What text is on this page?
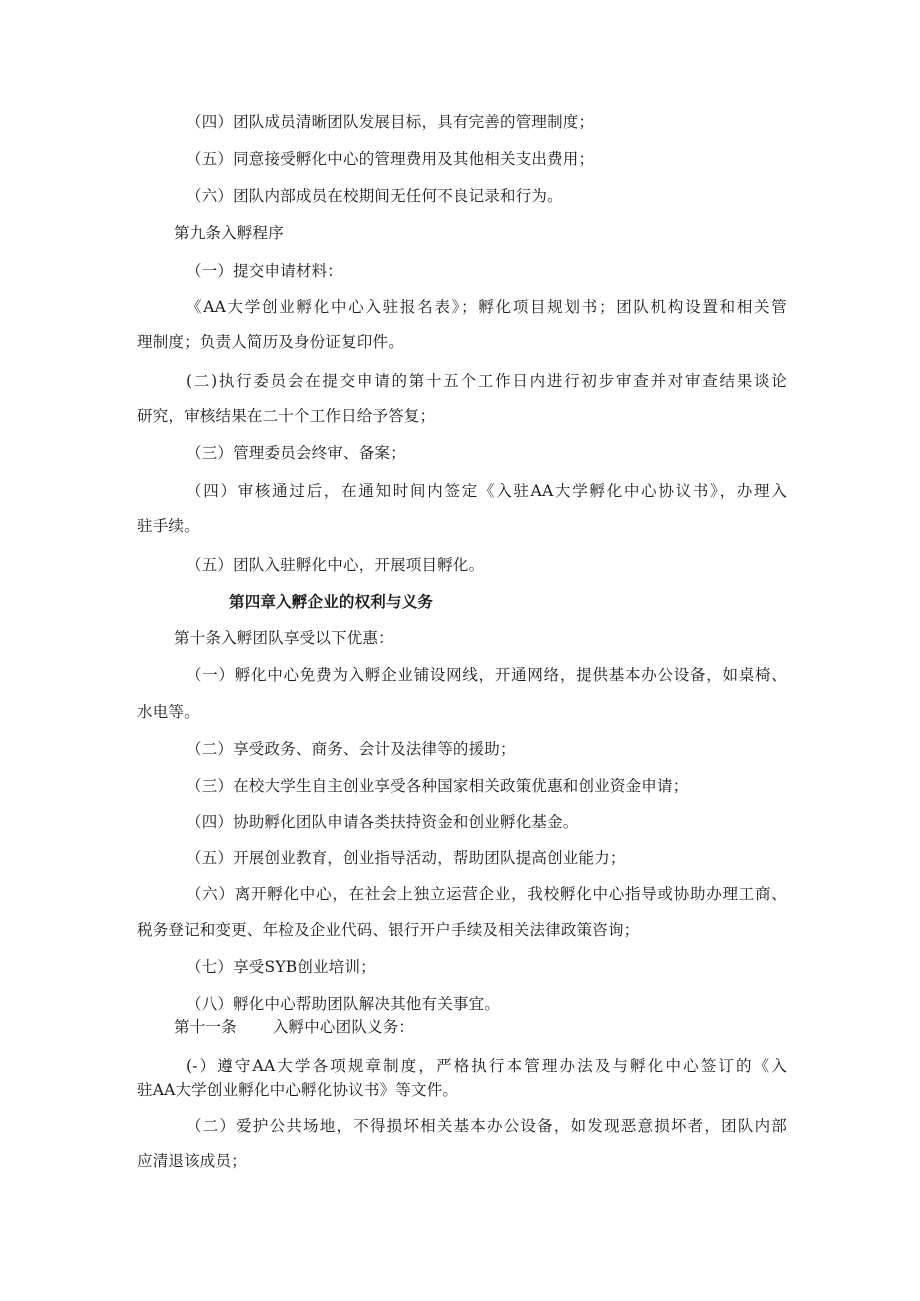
（四）团队成员清晰团队发展目标，具有完善的管理制度；
（五）同意接受孵化中心的管理费用及其他相关支出费用；
（六）团队内部成员在校期间无任何不良记录和行为。
第九条入孵程序
（一）提交申请材料：
《AA大学创业孵化中心入驻报名表》；孵化项目规划书；团队机构设置和相关管
理制度；负责人简历及身份证复印件。
(二)执行委员会在提交申请的第十五个工作日内进行初步审查并对审查结果谈论
研究，审核结果在二十个工作日给予答复；
（三）管理委员会终审、备案；
（四）审核通过后，在通知时间内签定《入驻AA大学孵化中心协议书》，办理入
驻手续。
（五）团队入驻孵化中心，开展项目孵化。
第四章入孵企业的权利与义务
第十条入孵团队享受以下优惠：
（一）孵化中心免费为入孵企业铺设网线，开通网络，提供基本办公设备，如桌椅、
水电等。
（二）享受政务、商务、会计及法律等的援助；
（三）在校大学生自主创业享受各种国家相关政策优惠和创业资金申请；
（四）协助孵化团队申请各类扶持资金和创业孵化基金。
（五）开展创业教育，创业指导活动，帮助团队提高创业能力；
（六）离开孵化中心，在社会上独立运营企业，我校孵化中心指导或协助办理工商、
税务登记和变更、年检及企业代码、银行开户手续及相关法律政策咨询；
（七）享受SYB创业培训；
（八）孵化中心帮助团队解决其他有关事宜。
第十一条 入孵中心团队义务：
(-）遵守AA大学各项规章制度，严格执行本管理办法及与孵化中心签订的《入
驻AA大学创业孵化中心孵化协议书》等文件。
（二）爱护公共场地，不得损坏相关基本办公设备，如发现恶意损坏者，团队内部
应清退该成员；
